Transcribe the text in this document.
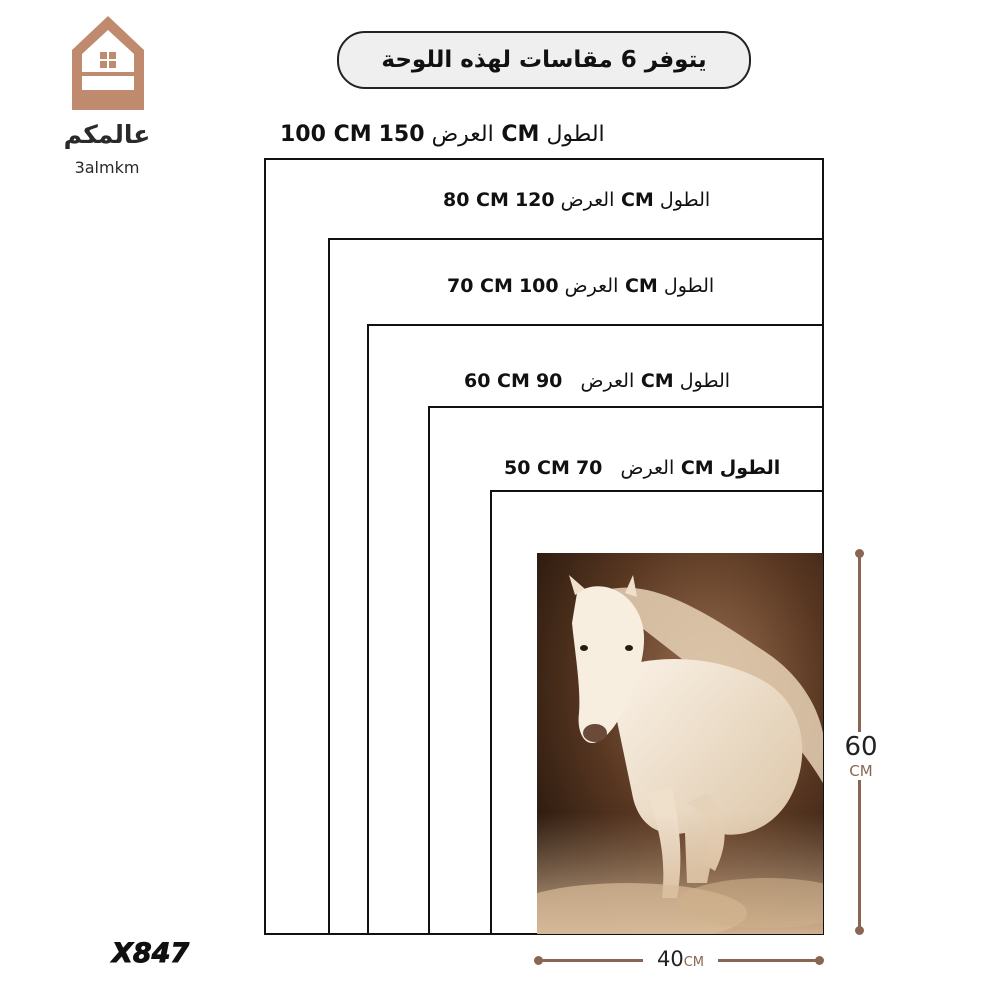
عالمكم
3almkm
يتوفر 6 مقاسات لهذه اللوحة
100 CM	العرض 150 CM الطول
80 CM	العرض 120 CM الطول
70 CM	العرض 100 CM الطول
60 CM	العرض   90 CM الطول
50 CM	العرض   70 CM الطول
60
CM
40CM
X847
